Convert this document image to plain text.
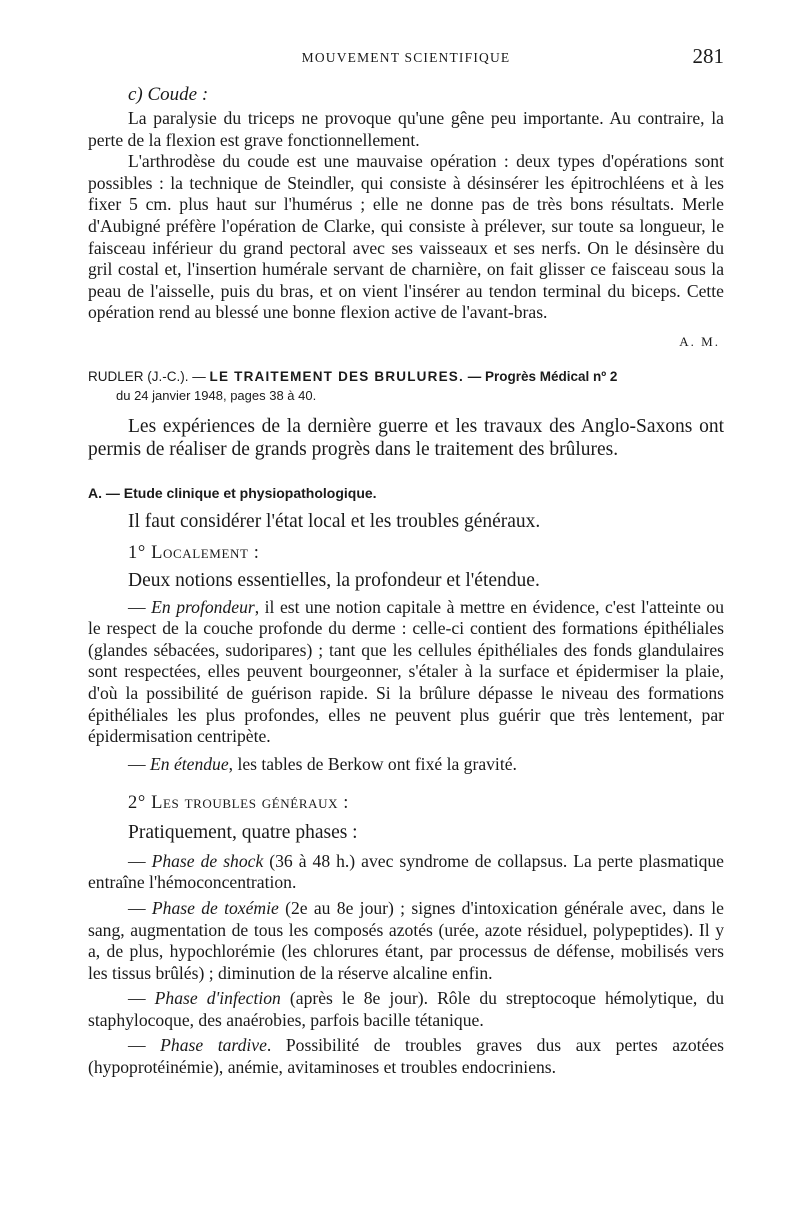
MOUVEMENT SCIENTIFIQUE	281
c) Coude :

La paralysie du triceps ne provoque qu'une gêne peu importante. Au contraire, la perte de la flexion est grave fonctionnellement.

L'arthrodèse du coude est une mauvaise opération : deux types d'opérations sont possibles : la technique de Steindler, qui consiste à désinsérer les épitrochléens et à les fixer 5 cm. plus haut sur l'humérus ; elle ne donne pas de très bons résultats. Merle d'Aubigné préfère l'opération de Clarke, qui consiste à prélever, sur toute sa longueur, le faisceau inférieur du grand pectoral avec ses vaisseaux et ses nerfs. On le désinsère du gril costal et, l'insertion humérale servant de charnière, on fait glisser ce faisceau sous la peau de l'aisselle, puis du bras, et on vient l'insérer au tendon terminal du biceps. Cette opération rend au blessé une bonne flexion active de l'avant-bras.

A. M.
RUDLER (J.-C.). — LE TRAITEMENT DES BRULURES. — Progrès Médical nº 2
du 24 janvier 1948, pages 38 à 40.

Les expériences de la dernière guerre et les travaux des Anglo-Saxons ont permis de réaliser de grands progrès dans le traitement des brûlures.

A. — Etude clinique et physiopathologique.

Il faut considérer l'état local et les troubles généraux.

1° Localement :

Deux notions essentielles, la profondeur et l'étendue.

— En profondeur, il est une notion capitale à mettre en évidence, c'est l'atteinte ou le respect de la couche profonde du derme : celle-ci contient des formations épithéliales (glandes sébacées, sudoripares) ; tant que les cellules épithéliales des fonds glandulaires sont respectées, elles peuvent bourgeonner, s'étaler à la surface et épidermiser la plaie, d'où la possibilité de guérison rapide. Si la brûlure dépasse le niveau des formations épithéliales les plus profondes, elles ne peuvent plus guérir que très lentement, par épidermisation centripète.

— En étendue, les tables de Berkow ont fixé la gravité.

2° Les troubles généraux :

Pratiquement, quatre phases :

— Phase de shock (36 à 48 h.) avec syndrome de collapsus. La perte plasmatique entraîne l'hémoconcentration.

— Phase de toxémie (2e au 8e jour) ; signes d'intoxication générale avec, dans le sang, augmentation de tous les composés azotés (urée, azote résiduel, polypeptides). Il y a, de plus, hypochlorémie (les chlorures étant, par processus de défense, mobilisés vers les tissus brûlés) ; diminution de la réserve alcaline enfin.

— Phase d'infection (après le 8e jour). Rôle du streptocoque hémolytique, du staphylocoque, des anaérobies, parfois bacille tétanique.

— Phase tardive. Possibilité de troubles graves dus aux pertes azotées (hypoprotéinémie), anémie, avitaminoses et troubles endocriniens.
